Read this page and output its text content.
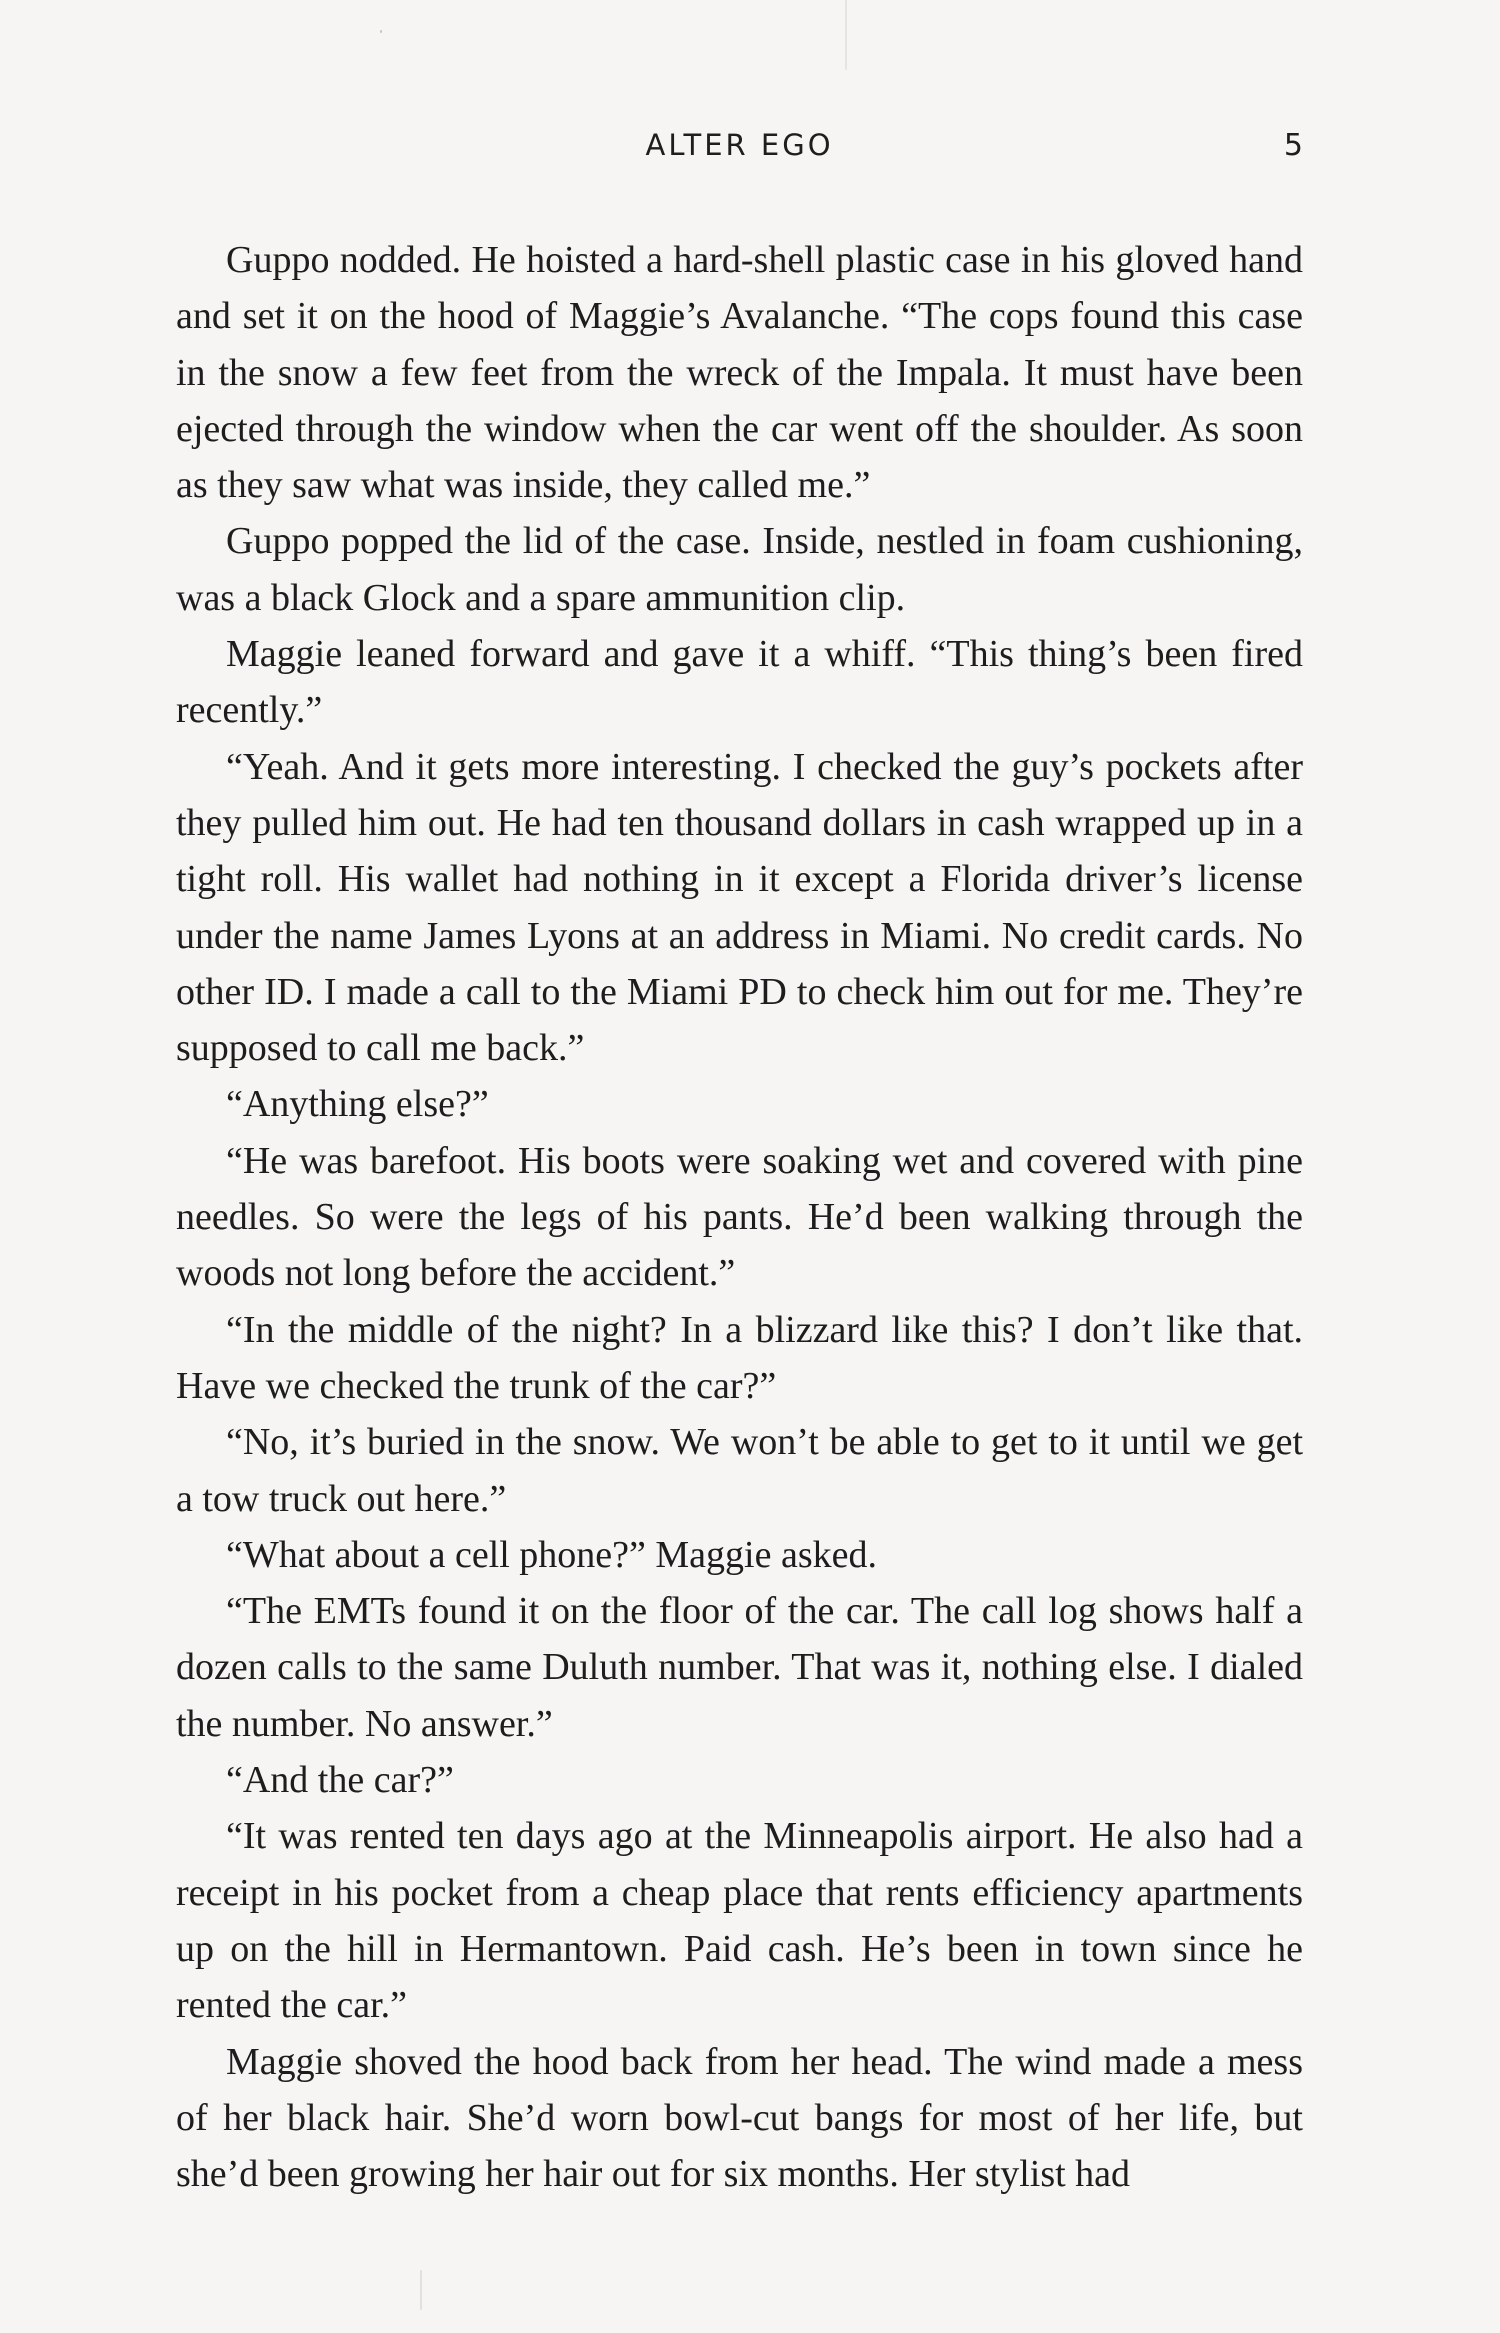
ALTER EGO	5

Guppo nodded. He hoisted a hard-shell plastic case in his gloved hand and set it on the hood of Maggie’s Avalanche. “The cops found this case in the snow a few feet from the wreck of the Impala. It must have been ejected through the window when the car went off the shoulder. As soon as they saw what was inside, they called me.”

Guppo popped the lid of the case. Inside, nestled in foam cushioning, was a black Glock and a spare ammunition clip.

Maggie leaned forward and gave it a whiff. “This thing’s been fired recently.”

“Yeah. And it gets more interesting. I checked the guy’s pockets after they pulled him out. He had ten thousand dollars in cash wrapped up in a tight roll. His wallet had nothing in it except a Florida driver’s license under the name James Lyons at an address in Miami. No credit cards. No other ID. I made a call to the Miami PD to check him out for me. They’re supposed to call me back.”

“Anything else?”

“He was barefoot. His boots were soaking wet and covered with pine needles. So were the legs of his pants. He’d been walking through the woods not long before the accident.”

“In the middle of the night? In a blizzard like this? I don’t like that. Have we checked the trunk of the car?”

“No, it’s buried in the snow. We won’t be able to get to it until we get a tow truck out here.”

“What about a cell phone?” Maggie asked.

“The EMTs found it on the floor of the car. The call log shows half a dozen calls to the same Duluth number. That was it, nothing else. I dialed the number. No answer.”

“And the car?”

“It was rented ten days ago at the Minneapolis airport. He also had a receipt in his pocket from a cheap place that rents efficiency apartments up on the hill in Hermantown. Paid cash. He’s been in town since he rented the car.”

Maggie shoved the hood back from her head. The wind made a mess of her black hair. She’d worn bowl-cut bangs for most of her life, but she’d been growing her hair out for six months. Her stylist had
